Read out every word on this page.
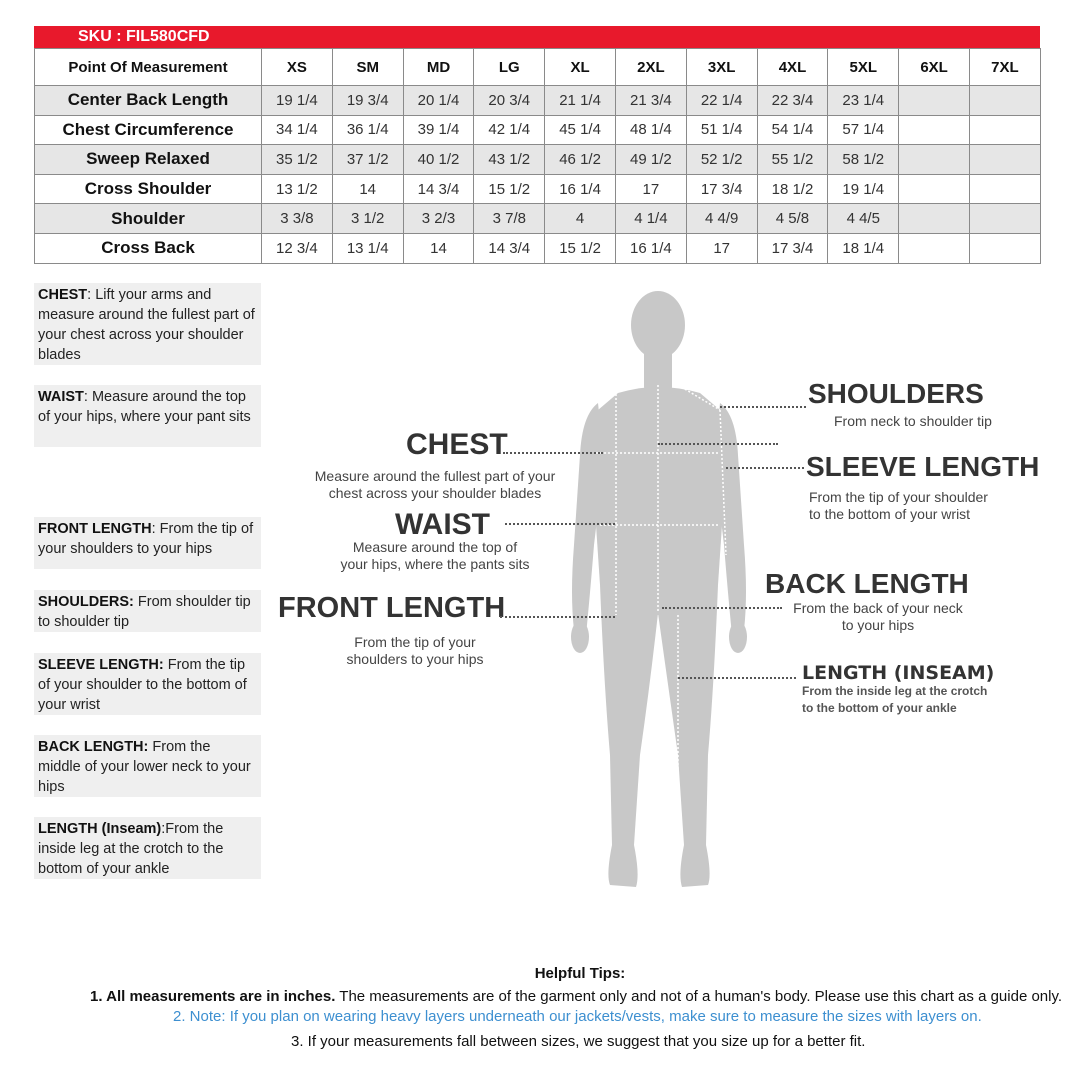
SKU : FIL580CFD
Point Of Measurement	XS	SM	MD	LG	XL	2XL	3XL	4XL	5XL	6XL	7XL
Center Back Length	19 1/4	19 3/4	20 1/4	20 3/4	21 1/4	21 3/4	22 1/4	22 3/4	23 1/4		
Chest Circumference	34 1/4	36 1/4	39 1/4	42 1/4	45 1/4	48 1/4	51 1/4	54 1/4	57 1/4		
Sweep Relaxed	35 1/2	37 1/2	40 1/2	43 1/2	46 1/2	49 1/2	52 1/2	55 1/2	58 1/2		
Cross Shoulder	13 1/2	14	14 3/4	15 1/2	16 1/4	17	17 3/4	18 1/2	19 1/4		
Shoulder	3 3/8	3 1/2	3 2/3	3 7/8	4	4 1/4	4 4/9	4 5/8	4 4/5		
Cross Back	12 3/4	13 1/4	14	14 3/4	15 1/2	16 1/4	17	17 3/4	18 1/4		
CHEST: Lift your arms and measure around the fullest part of your chest across your shoulder blades
WAIST: Measure around the top of your hips, where your pant sits
FRONT LENGTH: From the tip of your shoulders to your hips
SHOULDERS: From shoulder tip to shoulder tip
SLEEVE LENGTH: From the tip of your shoulder to the bottom of your wrist
BACK LENGTH: From the middle of your lower neck to your hips
LENGTH (Inseam):From the inside leg at the crotch to the bottom of your ankle
CHEST
Measure around the fullest part of your
chest across your shoulder blades
WAIST
Measure around the top of
your hips, where the pants sits
FRONT LENGTH
From the tip of your
shoulders to your hips
SHOULDERS
From neck to shoulder tip
SLEEVE LENGTH
From the tip of your shoulder
to the bottom of your wrist
BACK LENGTH
From the back of your neck
to your hips
LENGTH (INSEAM)
From the inside leg at the crotch
to the bottom of your ankle
Helpful Tips:
1. All measurements are in inches. The measurements are of the garment only and not of a human's body. Please use this chart as a guide only.
2. Note: If you plan on wearing heavy layers underneath our jackets/vests, make sure to measure the sizes with layers on.
3. If your measurements fall between sizes, we suggest that you size up for a better fit.
